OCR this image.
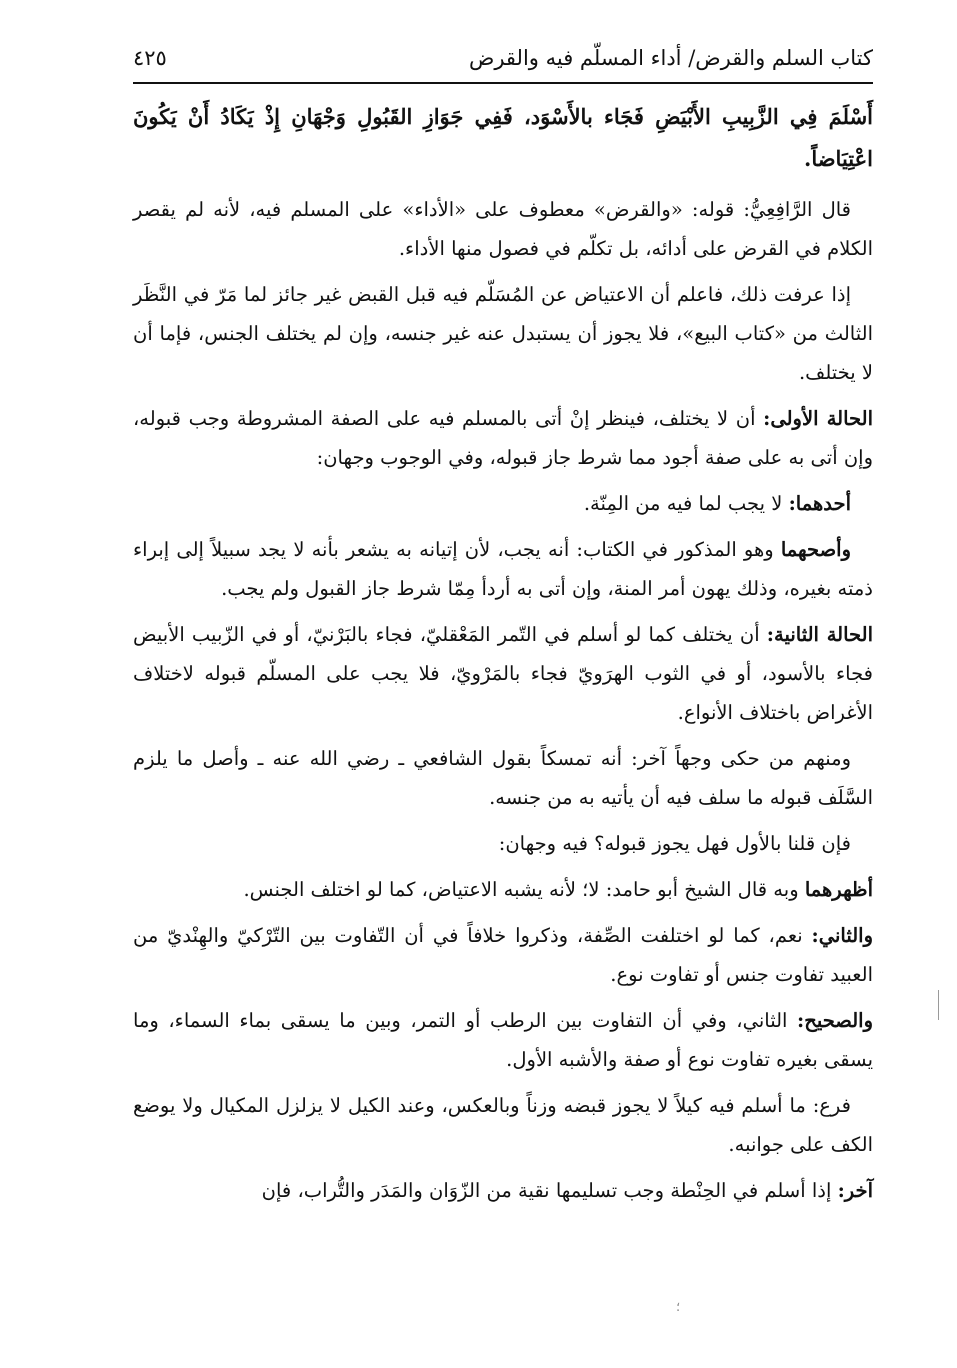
كتاب السلم والقرض/ أداء المسلّم فيه والقرض
٤٢٥

أَسْلَمَ فِي الزَّبِيبِ الأَبْيَضِ فَجَاء بالأَسْوَد، فَفِي جَوَازِ القَبُولِ وَجْهَانِ إِذْ يَكَادُ أَنْ يَكُونَ اعْتِيَاضاً.

قال الرَّافِعِيُّ: قوله: «والقرض» معطوف على «الأداء» على المسلم فيه، لأنه لم يقصر الكلام في القرض على أدائه، بل تكلّم في فصول منها الأداء.

إذا عرفت ذلك، فاعلم أن الاعتياض عن المُسَلّم فيه قبل القبض غير جائز لما مَرّ في النَّظَر الثالث من «كتاب البيع»، فلا يجوز أن يستبدل عنه غير جنسه، وإن لم يختلف الجنس، فإما أن لا يختلف.

الحالة الأولى: أن لا يختلف، فينظر إنْ أتى بالمسلم فيه على الصفة المشروطة وجب قبوله، وإن أتى به على صفة أجود مما شرط جاز قبوله، وفي الوجوب وجهان:

أحدهما: لا يجب لما فيه من المِنّة.

وأصحهما وهو المذكور في الكتاب: أنه يجب، لأن إتيانه به يشعر بأنه لا يجد سبيلاً إلى إبراء ذمته بغيره، وذلك يهون أمر المنة، وإن أتى به أردأ مِمّا شرط جاز القبول ولم يجب.

الحالة الثانية: أن يختلف كما لو أسلم في التّمر المَعْقليّ، فجاء بالبَرْنيّ، أو في الزّبيب الأبيض فجاء بالأسود، أو في الثوب الهرَويّ فجاء بالمَرْويّ، فلا يجب على المسلّم قبوله لاختلاف الأغراض باختلاف الأنواع.

ومنهم من حكى وجهاً آخر: أنه تمسكاً بقول الشافعي ـ رضي الله عنه ـ وأصل ما يلزم السَّلَف قبوله ما سلف فيه أن يأتيه به من جنسه.

فإن قلنا بالأول فهل يجوز قبوله؟ فيه وجهان:

أظهرهما وبه قال الشيخ أبو حامد: لا؛ لأنه يشبه الاعتياض، كما لو اختلف الجنس.

والثاني: نعم، كما لو اختلفت الصِّفة، وذكروا خلافاً في أن التّفاوت بين التّرْكيّ والهِنْديّ من العبيد تفاوت جنس أو تفاوت نوع.

والصحيح: الثاني، وفي أن التفاوت بين الرطب أو التمر، وبين ما يسقى بماء السماء، وما يسقى بغيره تفاوت نوع أو صفة والأشبه الأول.

فرع: ما أسلم فيه كيلاً لا يجوز قبضه وزناً وبالعكس، وعند الكيل لا يزلزل المكيال ولا يوضع الكف على جوانبه.

آخر: إذا أسلم في الحِنْطة وجب تسليمها نقية من الزّوَان والمَدَر والتُّراب، فإن

؛
